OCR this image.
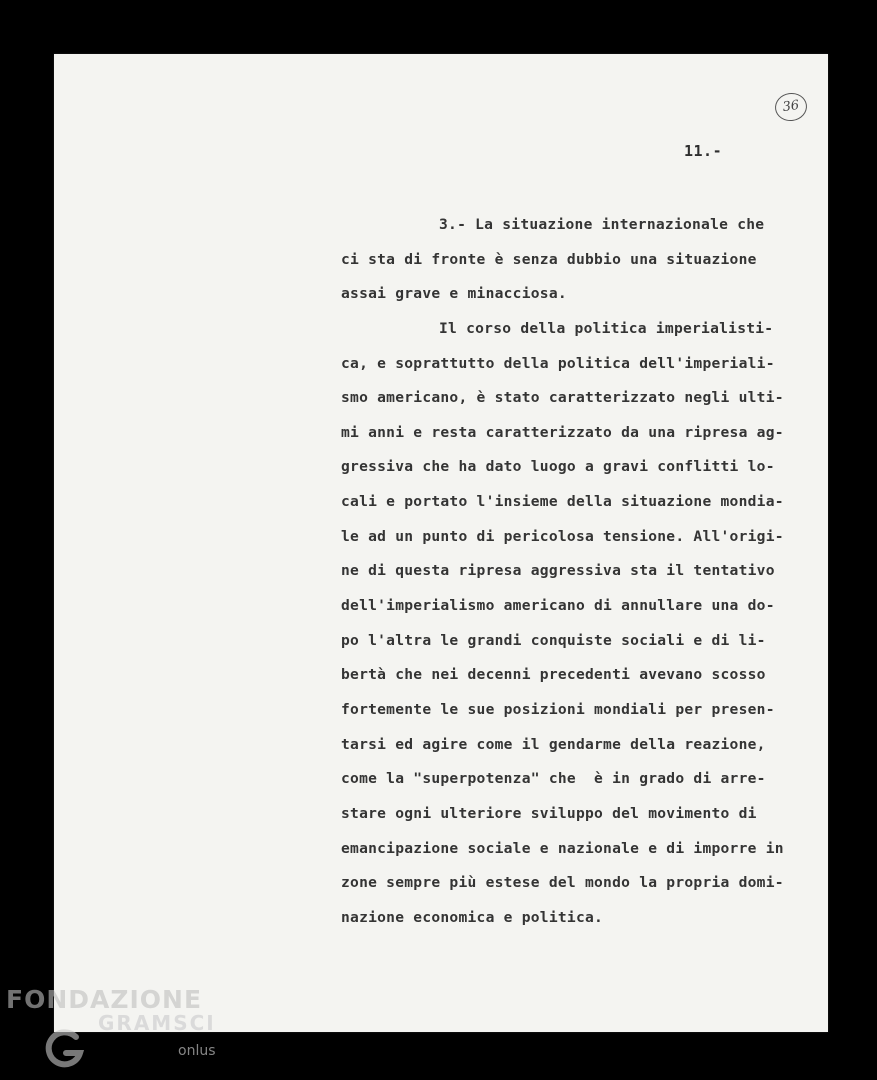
36
11.-
3.- La situazione internazionale che
ci sta di fronte è senza dubbio una situazione
assai grave e minacciosa.
Il corso della politica imperialisti-
ca, e soprattutto della politica dell'imperiali-
smo americano, è stato caratterizzato negli ulti-
mi anni e resta caratterizzato da una ripresa ag-
gressiva che ha dato luogo a gravi conflitti lo-
cali e portato l'insieme della situazione mondia-
le ad un punto di pericolosa tensione. All'origi-
ne di questa ripresa aggressiva sta il tentativo
dell'imperialismo americano di annullare una do-
po l'altra le grandi conquiste sociali e di li-
bertà che nei decenni precedenti avevano scosso
fortemente le sue posizioni mondiali per presen-
tarsi ed agire come il gendarme della reazione,
come la "superpotenza" che  è in grado di arre-
stare ogni ulteriore sviluppo del movimento di
emancipazione sociale e nazionale e di imporre in
zone sempre più estese del mondo la propria domi-
nazione economica e politica.
FONDAZIONE
GRAMSCI
onlus
